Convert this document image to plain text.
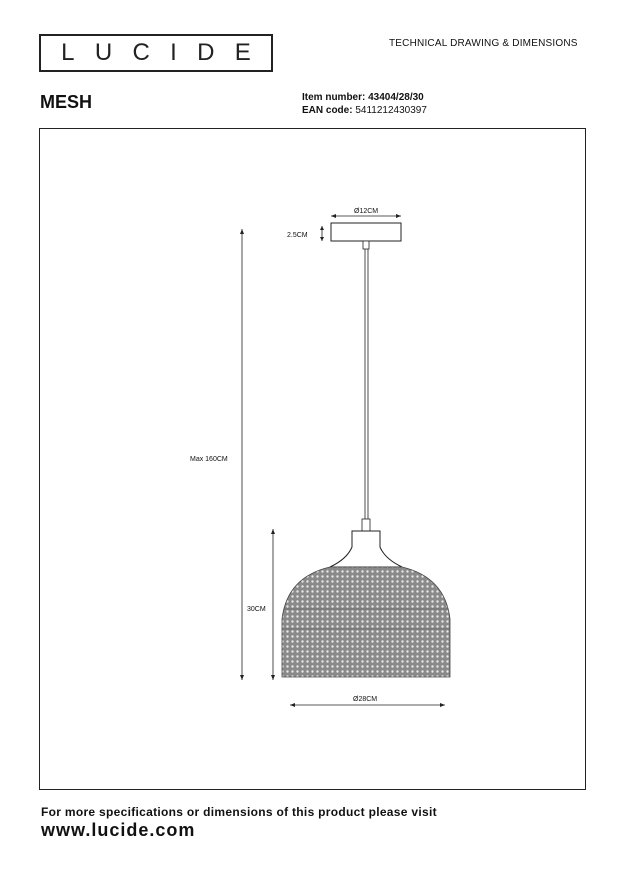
L U C I D E	TECHNICAL DRAWING & DIMENSIONS
MESH	Item number: 43404/28/30
EAN code: 5411212430397
Ø12CM
2.5CM
Max 160CM
30CM
Ø28CM
For more specifications or dimensions of this product please visit
www.lucide.com
